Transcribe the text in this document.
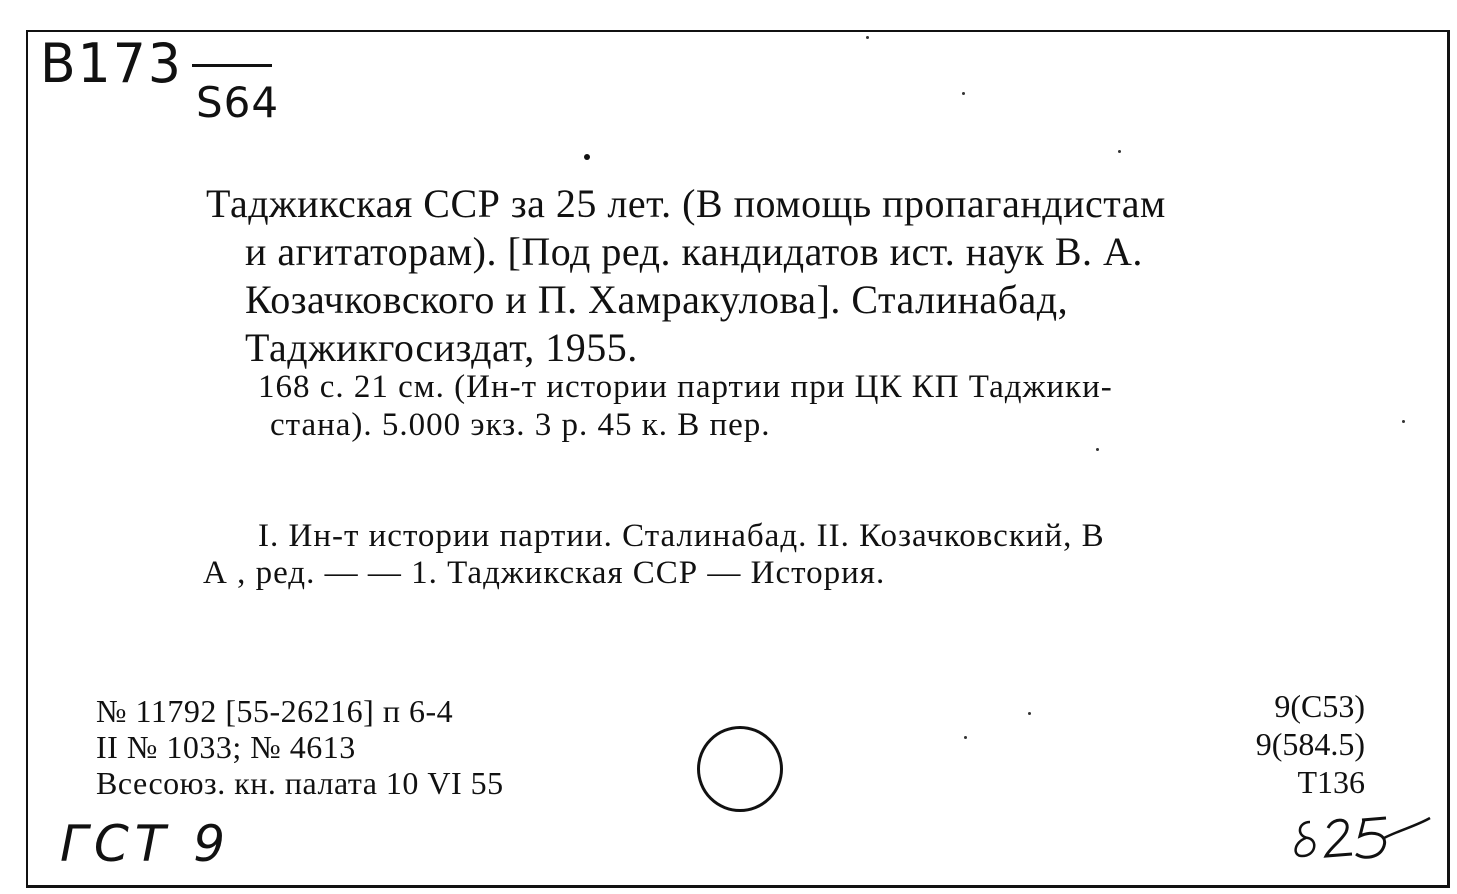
B173
S64
Таджикская ССР за 25 лет. (В помощь пропагандистам
и агитаторам). [Под ред. кандидатов ист. наук В. А.
Козачковского и П. Хамракулова]. Сталинабад,
Таджикгосиздат, 1955.
168 с. 21 см. (Ин-т истории партии при ЦК КП Таджики-
стана). 5.000 экз. 3 р. 45 к. В пер.
I. Ин-т истории партии. Сталинабад. II. Козачковский, В
А , ред. — — 1. Таджикская ССР — История.
№ 11792 [55-26216] п 6-4
II № 1033; № 4613
Всесоюз. кн. палата 10 VI 55
9(С53)
9(584.5)
Т136
ГСТ 9
